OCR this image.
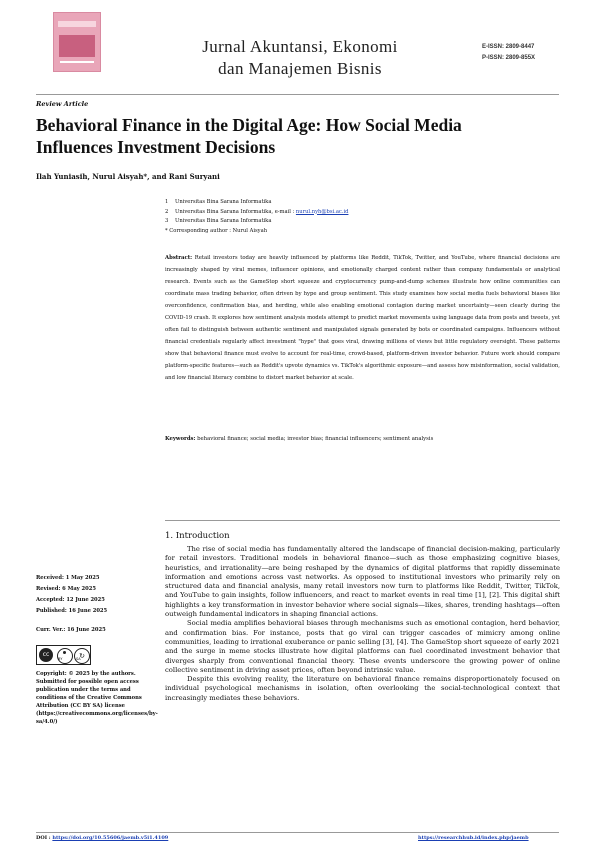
Jurnal Akuntansi, Ekonomi
dan Manajemen Bisnis
E-ISSN: 2809-8447
P-ISSN: 2809-855X
Review Article
Behavioral Finance in the Digital Age: How Social Media
Influences Investment Decisions
Ilah Yuniasih, Nurul Aisyah*, and Rani Suryani
1 Universitas Bina Sarana Informatika
2 Universitas Bina Sarana Informatika, e-mail : nurul.nyh@bsi.ac.id
3 Universitas Bina Sarana Informatika
* Corresponding author : Nurul Aisyah
Abstract: Retail investors today are heavily influenced by platforms like Reddit, TikTok, Twitter, and YouTube, where financial decisions are increasingly shaped by viral memes, influencer opinions, and emotionally charged content rather than company fundamentals or analytical research. Events such as the GameStop short squeeze and cryptocurrency pump-and-dump schemes illustrate how online communities can coordinate mass trading behavior, often driven by hype and group sentiment. This study examines how social media fuels behavioral biases like overconfidence, confirmation bias, and herding, while also enabling emotional contagion during market uncertainty—seen clearly during the COVID-19 crash. It explores how sentiment analysis models attempt to predict market movements using language data from posts and tweets, yet often fail to distinguish between authentic sentiment and manipulated signals generated by bots or coordinated campaigns. Influencers without financial credentials regularly affect investment "hype" that goes viral, drawing millions of views but little regulatory oversight. These patterns show that behavioral finance must evolve to account for real-time, crowd-based, platform-driven investor behavior. Future work should compare platform-specific features—such as Reddit's upvote dynamics vs. TikTok's algorithmic exposure—and assess how misinformation, social validation, and low financial literacy combine to distort market behavior at scale.
Keywords: behavioral finance; social media; investor bias; financial influencers; sentiment analysis
1. Introduction

The rise of social media has fundamentally altered the landscape of financial decision-making, particularly for retail investors. Traditional models in behavioral finance—such as those emphasizing cognitive biases, heuristics, and irrationality—are being reshaped by the dynamics of digital platforms that rapidly disseminate information and emotions across vast networks. As opposed to institutional investors who primarily rely on structured data and financial analysis, many retail investors now turn to platforms like Reddit, Twitter, TikTok, and YouTube to gain insights, follow influencers, and react to market events in real time [1], [2]. This digital shift highlights a key transformation in investor behavior where social signals—likes, shares, trending hashtags—often outweigh fundamental indicators in shaping financial actions.

Social media amplifies behavioral biases through mechanisms such as emotional contagion, herd behavior, and confirmation bias. For instance, posts that go viral can trigger cascades of mimicry among online communities, leading to irrational exuberance or panic selling [3], [4]. The GameStop short squeeze of early 2021 and the surge in meme stocks illustrate how digital platforms can fuel coordinated investment behavior that diverges sharply from conventional financial theory. These events underscore the growing power of online collective sentiment in driving asset prices, often beyond intrinsic value.

Despite this evolving reality, the literature on behavioral finance remains disproportionately focused on individual psychological mechanisms in isolation, often overlooking the social-technological context that increasingly mediates these behaviors.

Received: 1 May 2025
Revised: 6 May 2025
Accepted: 12 June 2025
Published: 16 June 2025
Curr. Ver.: 16 June 2025
cc	↻
BY	SA
Copyright: © 2025 by the authors. Submitted for possible open access publication under the terms and conditions of the Creative Commons Attribution (CC BY SA) license (https://creativecommons.org/licenses/by-sa/4.0/)
DOI : https://doi.org/10.55606/jaemb.v5i1.4109	https://researchhub.id/index.php/jaemb
